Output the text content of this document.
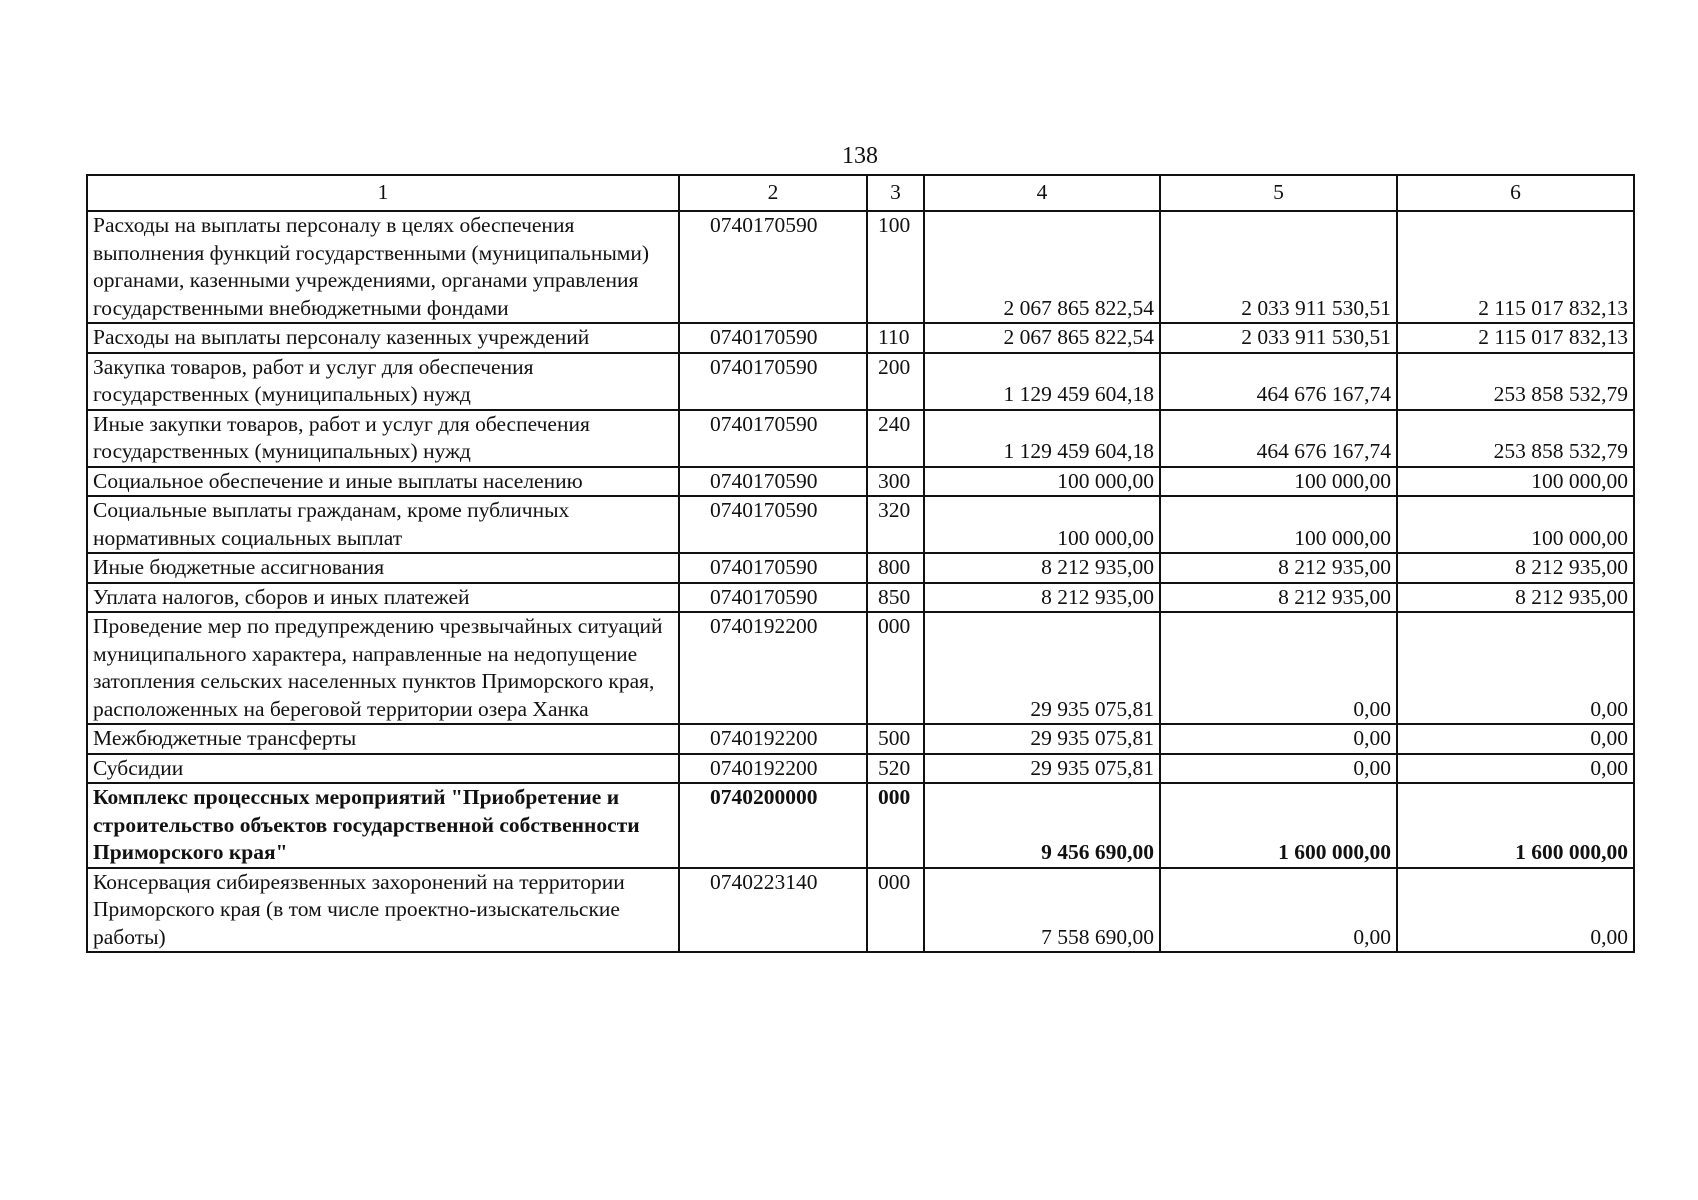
138
1	2	3	4	5	6
Расходы на выплаты персоналу в целях обеспечения выполнения функций государственными (муниципальными) органами, казенными учреждениями, органами управления государственными внебюджетными фондами	0740170590	100	2 067 865 822,54	2 033 911 530,51	2 115 017 832,13
Расходы на выплаты персоналу казенных учреждений	0740170590	110	2 067 865 822,54	2 033 911 530,51	2 115 017 832,13
Закупка товаров, работ и услуг для обеспечения государственных (муниципальных) нужд	0740170590	200	1 129 459 604,18	464 676 167,74	253 858 532,79
Иные закупки товаров, работ и услуг для обеспечения государственных (муниципальных) нужд	0740170590	240	1 129 459 604,18	464 676 167,74	253 858 532,79
Социальное обеспечение и иные выплаты населению	0740170590	300	100 000,00	100 000,00	100 000,00
Социальные выплаты гражданам, кроме публичных нормативных социальных выплат	0740170590	320	100 000,00	100 000,00	100 000,00
Иные бюджетные ассигнования	0740170590	800	8 212 935,00	8 212 935,00	8 212 935,00
Уплата налогов, сборов и иных платежей	0740170590	850	8 212 935,00	8 212 935,00	8 212 935,00
Проведение мер по предупреждению чрезвычайных ситуаций муниципального характера, направленные на недопущение затопления сельских населенных пунктов Приморского края, расположенных на береговой территории озера Ханка	0740192200	000	29 935 075,81	0,00	0,00
Межбюджетные трансферты	0740192200	500	29 935 075,81	0,00	0,00
Субсидии	0740192200	520	29 935 075,81	0,00	0,00
Комплекс процессных мероприятий "Приобретение и строительство объектов государственной собственности Приморского края"	0740200000	000	9 456 690,00	1 600 000,00	1 600 000,00
Консервация сибиреязвенных захоронений на территории Приморского края (в том числе проектно-изыскательские работы)	0740223140	000	7 558 690,00	0,00	0,00
